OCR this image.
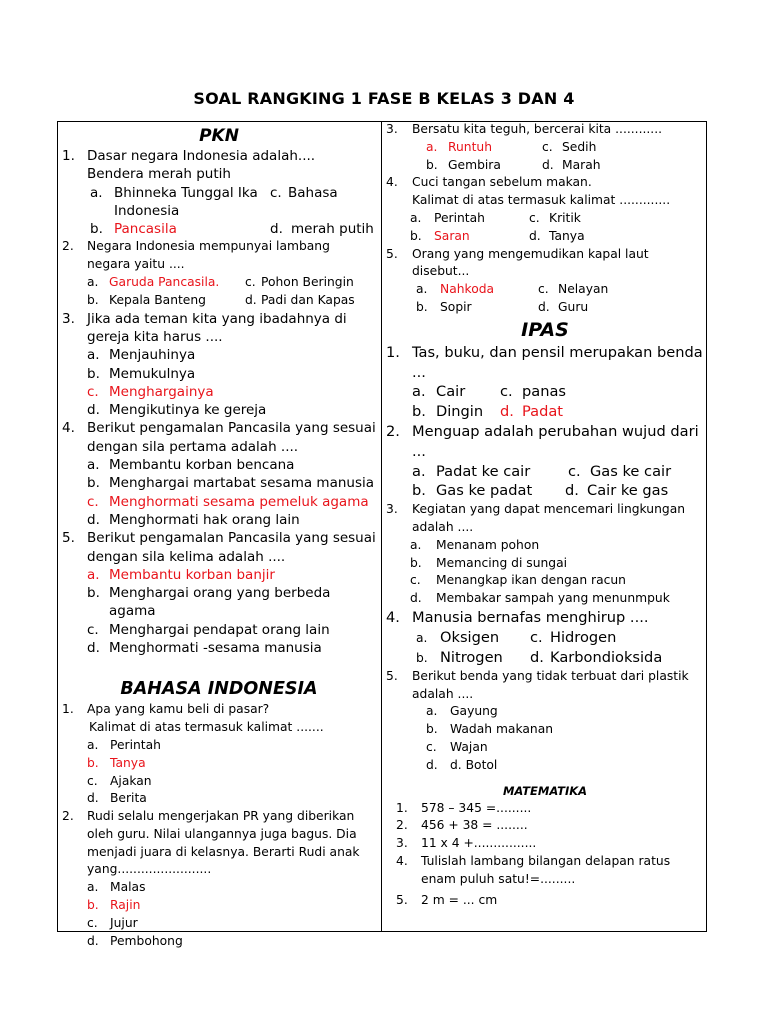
SOAL RANGKING 1 FASE B KELAS 3 DAN 4
PKN
1. Dasar negara Indonesia adalah....
Bendera merah putih
a. Bhinneka Tunggal Ika c. Bahasa
Indonesia
b. Pancasila	d. merah putih
2.	Negara Indonesia mempunyai lambang negara yaitu ....
a. Garuda Pancasila.	c. Pohon Beringin
b. Kepala Banteng	d. Padi dan Kapas
3. Jika ada teman kita yang ibadahnya di gereja kita harus ....
a. Menjauhinya
b. Memukulnya
c. Menghargainya
d. Mengikutinya ke gereja
4. Berikut pengamalan Pancasila yang sesuai dengan sila pertama adalah ....
a. Membantu korban bencana
b. Menghargai martabat sesama manusia
c. Menghormati sesama pemeluk agama
d. Menghormati hak orang lain
5. Berikut pengamalan Pancasila yang sesuai dengan sila kelima adalah ....
a. Membantu korban banjir
b. Menghargai orang yang berbeda agama
c. Menghargai pendapat orang lain
d. Menghormati -sesama manusia
BAHASA INDONESIA
1.	Apa yang kamu beli di pasar?
Kalimat di atas termasuk kalimat .......
a. Perintah
b. Tanya
c.	Ajakan
d. Berita
2.	Rudi selalu mengerjakan PR yang diberikan oleh guru. Nilai ulangannya juga bagus. Dia menjadi juara di kelasnya. Berarti Rudi anak yang........................
a. Malas
b. Rajin
c.	Jujur
d. Pembohong
3.	Bersatu kita teguh, bercerai kita ............
a. Runtuh	c. Sedih
b. Gembira	d. Marah
4.	Cuci tangan sebelum makan.
Kalimat di atas termasuk kalimat .............
a.	Perintah	c. Kritik
b. Saran	d. Tanya
5.	Orang yang mengemudikan kapal laut disebut...
a.	Nahkoda	c. Nelayan
b. Sopir	d. Guru
IPAS
1. Tas, buku, dan pensil merupakan benda ...
a. Cair	c. panas
b. Dingin	d. Padat
2. Menguap adalah perubahan wujud dari ...
a. Padat ke cair	c. Gas ke cair
b. Gas ke padat	d. Cair ke gas
3.	Kegiatan yang dapat mencemari lingkungan adalah ....
a.	Menanam pohon
b.	Memancing di sungai
c.	Menangkap ikan dengan racun
d.	Membakar sampah yang menunmpuk
4. Manusia bernafas menghirup ....
a. Oksigen	c. Hidrogen
b. Nitrogen	d. Karbondioksida
5.	Berikut benda yang tidak terbuat dari plastik adalah ....
a.	Gayung
b. Wadah makanan
c.	Wajan
d. d. Botol
MATEMATIKA
1.	578 – 345 =.........
2.	456 + 38 = ........
3.	11 x 4 +................
4.	Tulislah lambang bilangan delapan ratus enam puluh satu!=.........
5.	2 m = ... cm
